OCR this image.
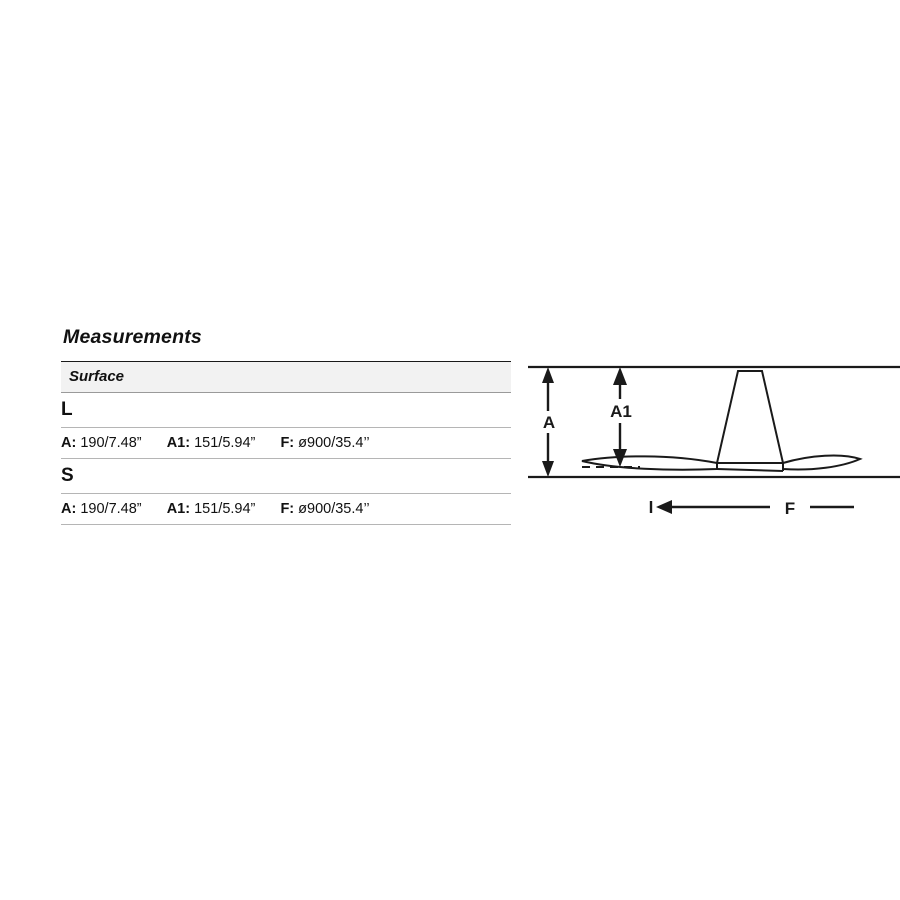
Measurements
Surface
L
A: 190/7.48” A1: 151/5.94” F: ø900/35.4’’
S
A: 190/7.48” A1: 151/5.94” F: ø900/35.4’’
A
A1
F
